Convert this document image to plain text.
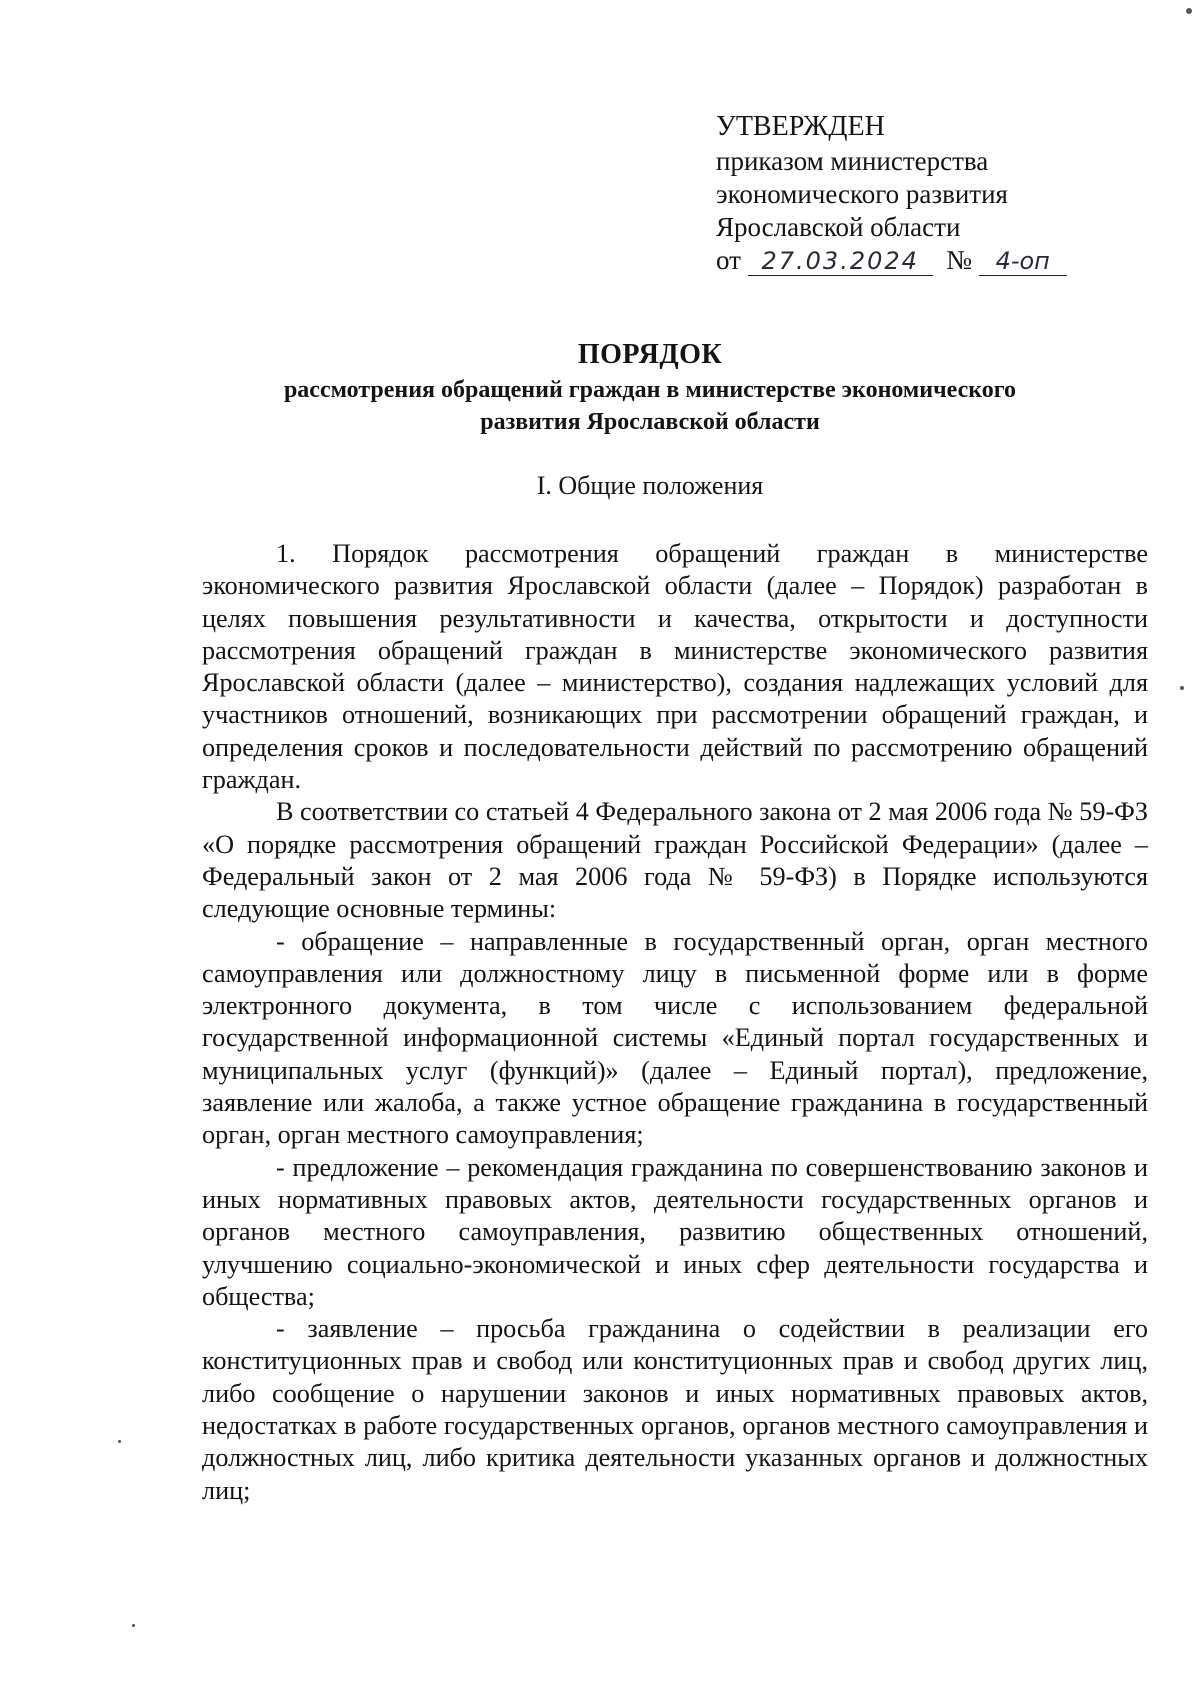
УТВЕРЖДЕН
приказом министерства
экономического развития
Ярославской области
от 27.03.2024 № 4-оп
ПОРЯДОК
рассмотрения обращений граждан в министерстве экономического
развития Ярославской области
I. Общие положения

1. Порядок рассмотрения обращений граждан в министерстве экономического развития Ярославской области (далее – Порядок) разработан в целях повышения результативности и качества, открытости и доступности рассмотрения обращений граждан в министерстве экономического развития Ярославской области (далее – министерство), создания надлежащих условий для участников отношений, возникающих при рассмотрении обращений граждан, и определения сроков и последовательности действий по рассмотрению обращений граждан.

В соответствии со статьей 4 Федерального закона от 2 мая 2006 года № 59-ФЗ «О порядке рассмотрения обращений граждан Российской Федерации» (далее – Федеральный закон от 2 мая 2006 года № 59-ФЗ) в Порядке используются следующие основные термины:

- обращение – направленные в государственный орган, орган местного самоуправления или должностному лицу в письменной форме или в форме электронного документа, в том числе с использованием федеральной государственной информационной системы «Единый портал государственных и муниципальных услуг (функций)» (далее – Единый портал), предложение, заявление или жалоба, а также устное обращение гражданина в государственный орган, орган местного самоуправления;

- предложение – рекомендация гражданина по совершенствованию законов и иных нормативных правовых актов, деятельности государственных органов и органов местного самоуправления, развитию общественных отношений, улучшению социально-экономической и иных сфер деятельности государства и общества;

- заявление – просьба гражданина о содействии в реализации его конституционных прав и свобод или конституционных прав и свобод других лиц, либо сообщение о нарушении законов и иных нормативных правовых актов, недостатках в работе государственных органов, органов местного самоуправления и должностных лиц, либо критика деятельности указанных органов и должностных лиц;
